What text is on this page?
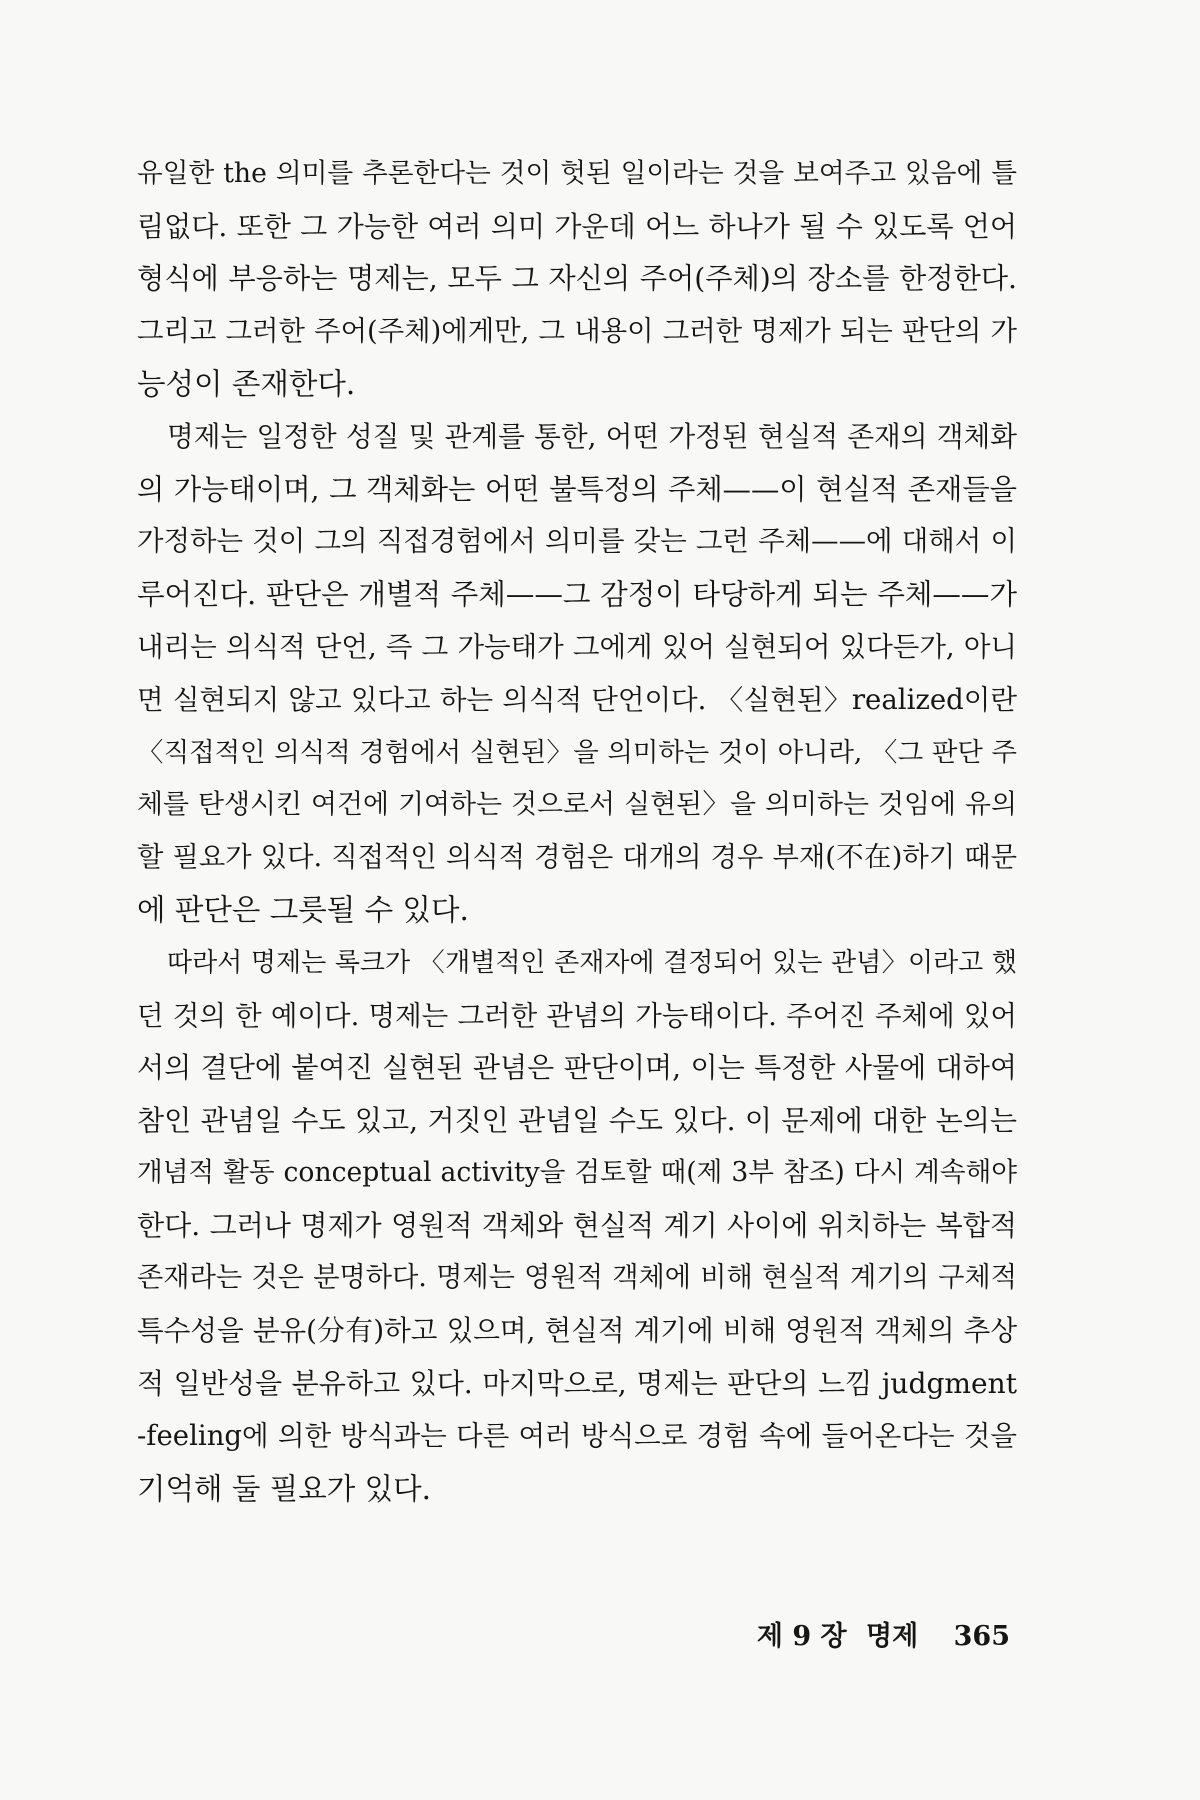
유일한 the 의미를 추론한다는 것이 헛된 일이라는 것을 보여주고 있음에 틀
림없다. 또한 그 가능한 여러 의미 가운데 어느 하나가 될 수 있도록 언어
형식에 부응하는 명제는, 모두 그 자신의 주어(주체)의 장소를 한정한다.
그리고 그러한 주어(주체)에게만, 그 내용이 그러한 명제가 되는 판단의 가
능성이 존재한다.
명제는 일정한 성질 및 관계를 통한, 어떤 가정된 현실적 존재의 객체화
의 가능태이며, 그 객체화는 어떤 불특정의 주체——이 현실적 존재들을
가정하는 것이 그의 직접경험에서 의미를 갖는 그런 주체——에 대해서 이
루어진다. 판단은 개별적 주체——그 감정이 타당하게 되는 주체——가
내리는 의식적 단언, 즉 그 가능태가 그에게 있어 실현되어 있다든가, 아니
면 실현되지 않고 있다고 하는 의식적 단언이다. 〈실현된〉realized이란
〈직접적인 의식적 경험에서 실현된〉을 의미하는 것이 아니라, 〈그 판단 주
체를 탄생시킨 여건에 기여하는 것으로서 실현된〉을 의미하는 것임에 유의
할 필요가 있다. 직접적인 의식적 경험은 대개의 경우 부재(不在)하기 때문
에 판단은 그릇될 수 있다.
따라서 명제는 록크가 〈개별적인 존재자에 결정되어 있는 관념〉이라고 했
던 것의 한 예이다. 명제는 그러한 관념의 가능태이다. 주어진 주체에 있어
서의 결단에 붙여진 실현된 관념은 판단이며, 이는 특정한 사물에 대하여
참인 관념일 수도 있고, 거짓인 관념일 수도 있다. 이 문제에 대한 논의는
개념적 활동 conceptual activity을 검토할 때(제 3부 참조) 다시 계속해야
한다. 그러나 명제가 영원적 객체와 현실적 계기 사이에 위치하는 복합적
존재라는 것은 분명하다. 명제는 영원적 객체에 비해 현실적 계기의 구체적
특수성을 분유(分有)하고 있으며, 현실적 계기에 비해 영원적 객체의 추상
적 일반성을 분유하고 있다. 마지막으로, 명제는 판단의 느낌 judgment
-feeling에 의한 방식과는 다른 여러 방식으로 경험 속에 들어온다는 것을
기억해 둘 필요가 있다.
제 9 장 명제 365
